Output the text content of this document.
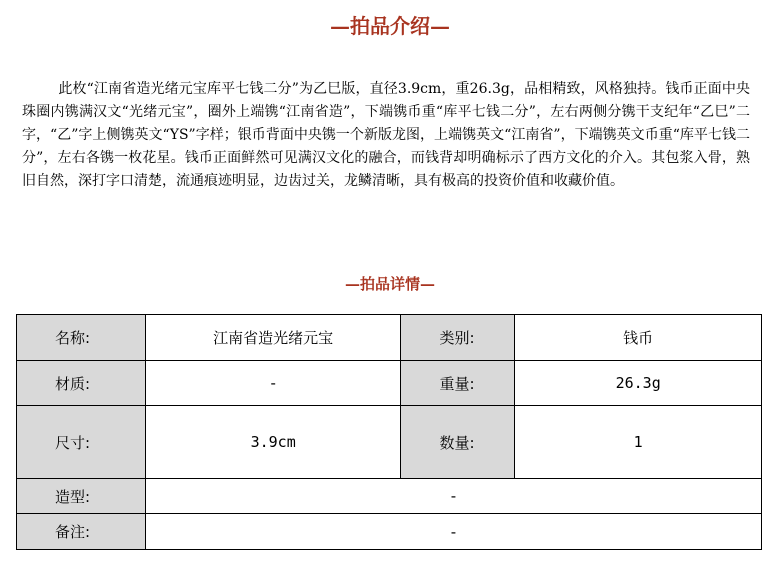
—拍品介绍—

此枚“江南省造光绪元宝库平七钱二分”为乙巳版，直径3.9cm，重26.3g，品相精致，风格独持。钱币正面中央珠圈内镌满汉文“光绪元宝”，圈外上端镌“江南省造”，下端镌币重“库平七钱二分”，左右两侧分镌干支纪年“乙巳”二字，“乙”字上侧镌英文“YS”字样；银币背面中央镌一个新版龙图，上端镌英文“江南省”，下端镌英文币重“库平七钱二分”，左右各镌一枚花星。钱币正面鲜然可见满汉文化的融合，而钱背却明确标示了西方文化的介入。其包浆入骨，熟旧自然，深打字口清楚，流通痕迹明显，边齿过关，龙鳞清晰，具有极高的投资价值和收藏价值。

—拍品详情—
名称:	江南省造光绪元宝	类别:	钱币
材质:	-	重量:	26.3g
尺寸:	3.9cm	数量:	1
造型:	-		
备注:	-		
